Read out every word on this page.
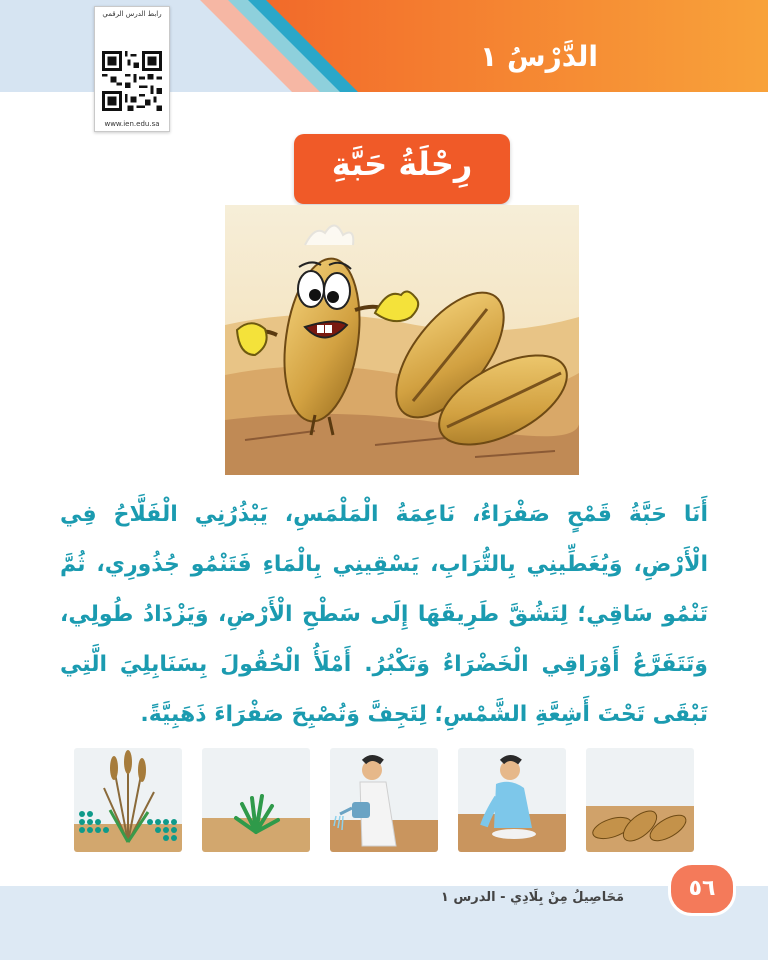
الدَّرْسُ ١
رابط الدرس الرقمي
www.ien.edu.sa
رِحْلَةُ حَبَّةِ

أَنَا حَبَّةُ قَمْحٍ صَفْرَاءُ، نَاعِمَةُ الْمَلْمَسِ، يَبْذُرُنِي الْفَلَّاحُ فِي الْأَرْضِ، وَيُغَطِّينِي بِالتُّرَابِ، يَسْقِينِي بِالْمَاءِ فَتَنْمُو جُذُورِي، ثُمَّ تَنْمُو سَاقِي؛ لِتَشُقَّ طَرِيقَهَا إِلَى سَطْحِ الْأَرْضِ، وَيَزْدَادُ طُولِي، وَتَتَفَرَّعُ أَوْرَاقِي الْخَضْرَاءُ وَتَكْبُرُ. أَمْلَأُ الْحُقُولَ بِسَنَابِلِيَ الَّتِي تَبْقَى تَحْتَ أَشِعَّةِ الشَّمْسِ؛ لِتَجِفَّ وَتُصْبِحَ صَفْرَاءَ ذَهَبِيَّةً.

مَحَاصِيلُ مِنْ بِلَادِي - الدرس ١	٥٦
